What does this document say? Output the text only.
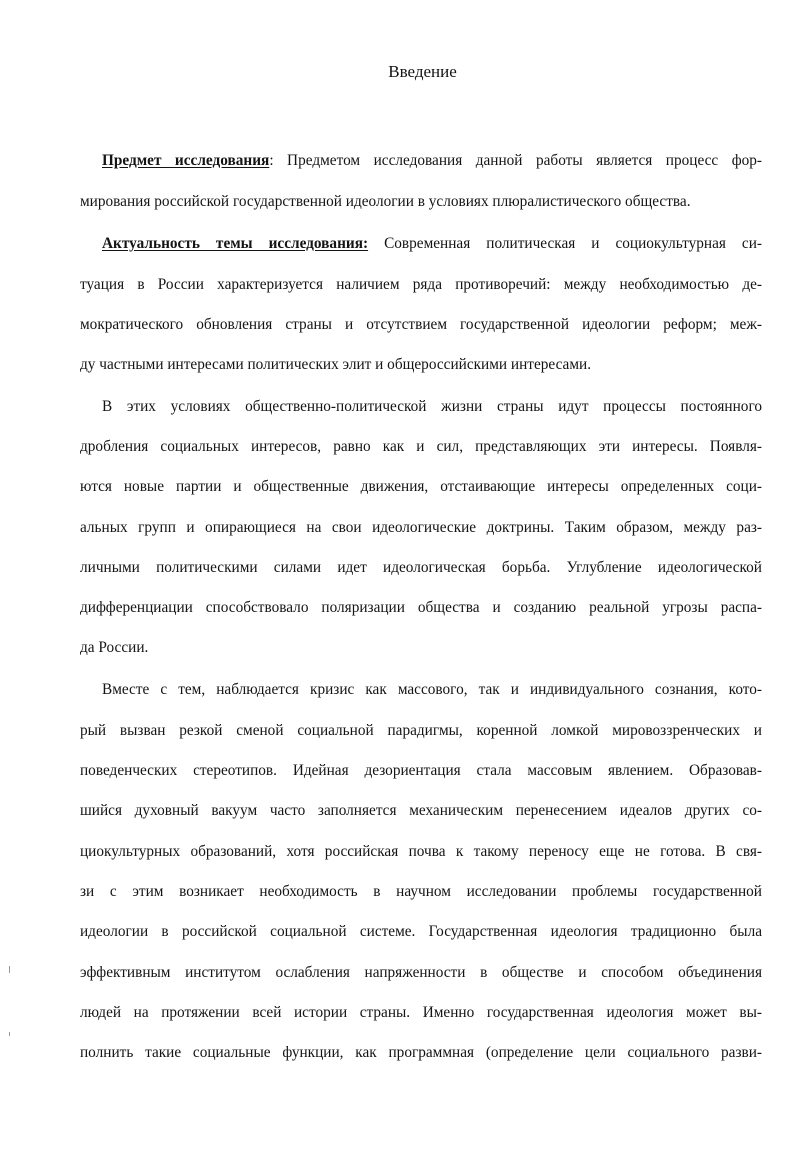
Введение
Предмет исследования: Предметом исследования данной работы является процесс фор-
мирования российской государственной идеологии в условиях плюралистического общества.
Актуальность темы исследования: Современная политическая и социокультурная си-
туация в России характеризуется наличием ряда противоречий: между необходимостью де-
мократического обновления страны и отсутствием государственной идеологии реформ; меж-
ду частными интересами политических элит и общероссийскими интересами.
В этих условиях общественно-политической жизни страны идут процессы постоянного
дробления социальных интересов, равно как и сил, представляющих эти интересы. Появля-
ются новые партии и общественные движения, отстаивающие интересы определенных соци-
альных групп и опирающиеся на свои идеологические доктрины. Таким образом, между раз-
личными политическими силами идет идеологическая борьба. Углубление идеологической
дифференциации способствовало поляризации общества и созданию реальной угрозы распа-
да России.
Вместе с тем, наблюдается кризис как массового, так и индивидуального сознания, кото-
рый вызван резкой сменой социальной парадигмы, коренной ломкой мировоззренческих и
поведенческих стереотипов. Идейная дезориентация стала массовым явлением. Образовав-
шийся духовный вакуум часто заполняется механическим перенесением идеалов других со-
циокультурных образований, хотя российская почва к такому переносу еще не готова. В свя-
зи с этим возникает необходимость в научном исследовании проблемы государственной
идеологии в российской социальной системе. Государственная идеология традиционно была
эффективным институтом ослабления напряженности в обществе и способом объединения
людей на протяжении всей истории страны. Именно государственная идеология может вы-
полнить такие социальные функции, как программная (определение цели социального разви-
